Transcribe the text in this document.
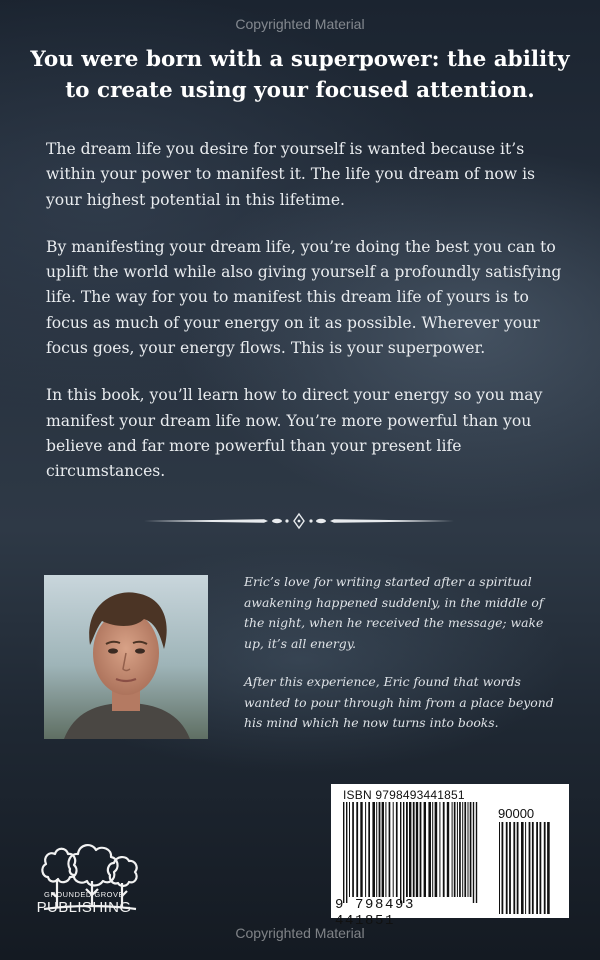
Copyrighted Material
You were born with a superpower: the ability to create using your focused attention.

The dream life you desire for yourself is wanted because it’s within your power to manifest it. The life you dream of now is your highest potential in this lifetime.

By manifesting your dream life, you’re doing the best you can to uplift the world while also giving yourself a profoundly satisfying life. The way for you to manifest this dream life of yours is to focus as much of your energy on it as possible. Wherever your focus goes, your energy flows. This is your superpower.

In this book, you’ll learn how to direct your energy so you may manifest your dream life now. You’re more powerful than you believe and far more powerful than your present life circumstances.

Eric’s love for writing started after a spiritual awakening happened suddenly, in the middle of the night, when he received the message; wake up, it’s all energy.

After this experience, Eric found that words wanted to pour through him from a place beyond his mind which he now turns into books.

GROUNDED GROVE
PUBLISHING
ISBN 9798493441851
90000
9 798493 441851
Copyrighted Material
